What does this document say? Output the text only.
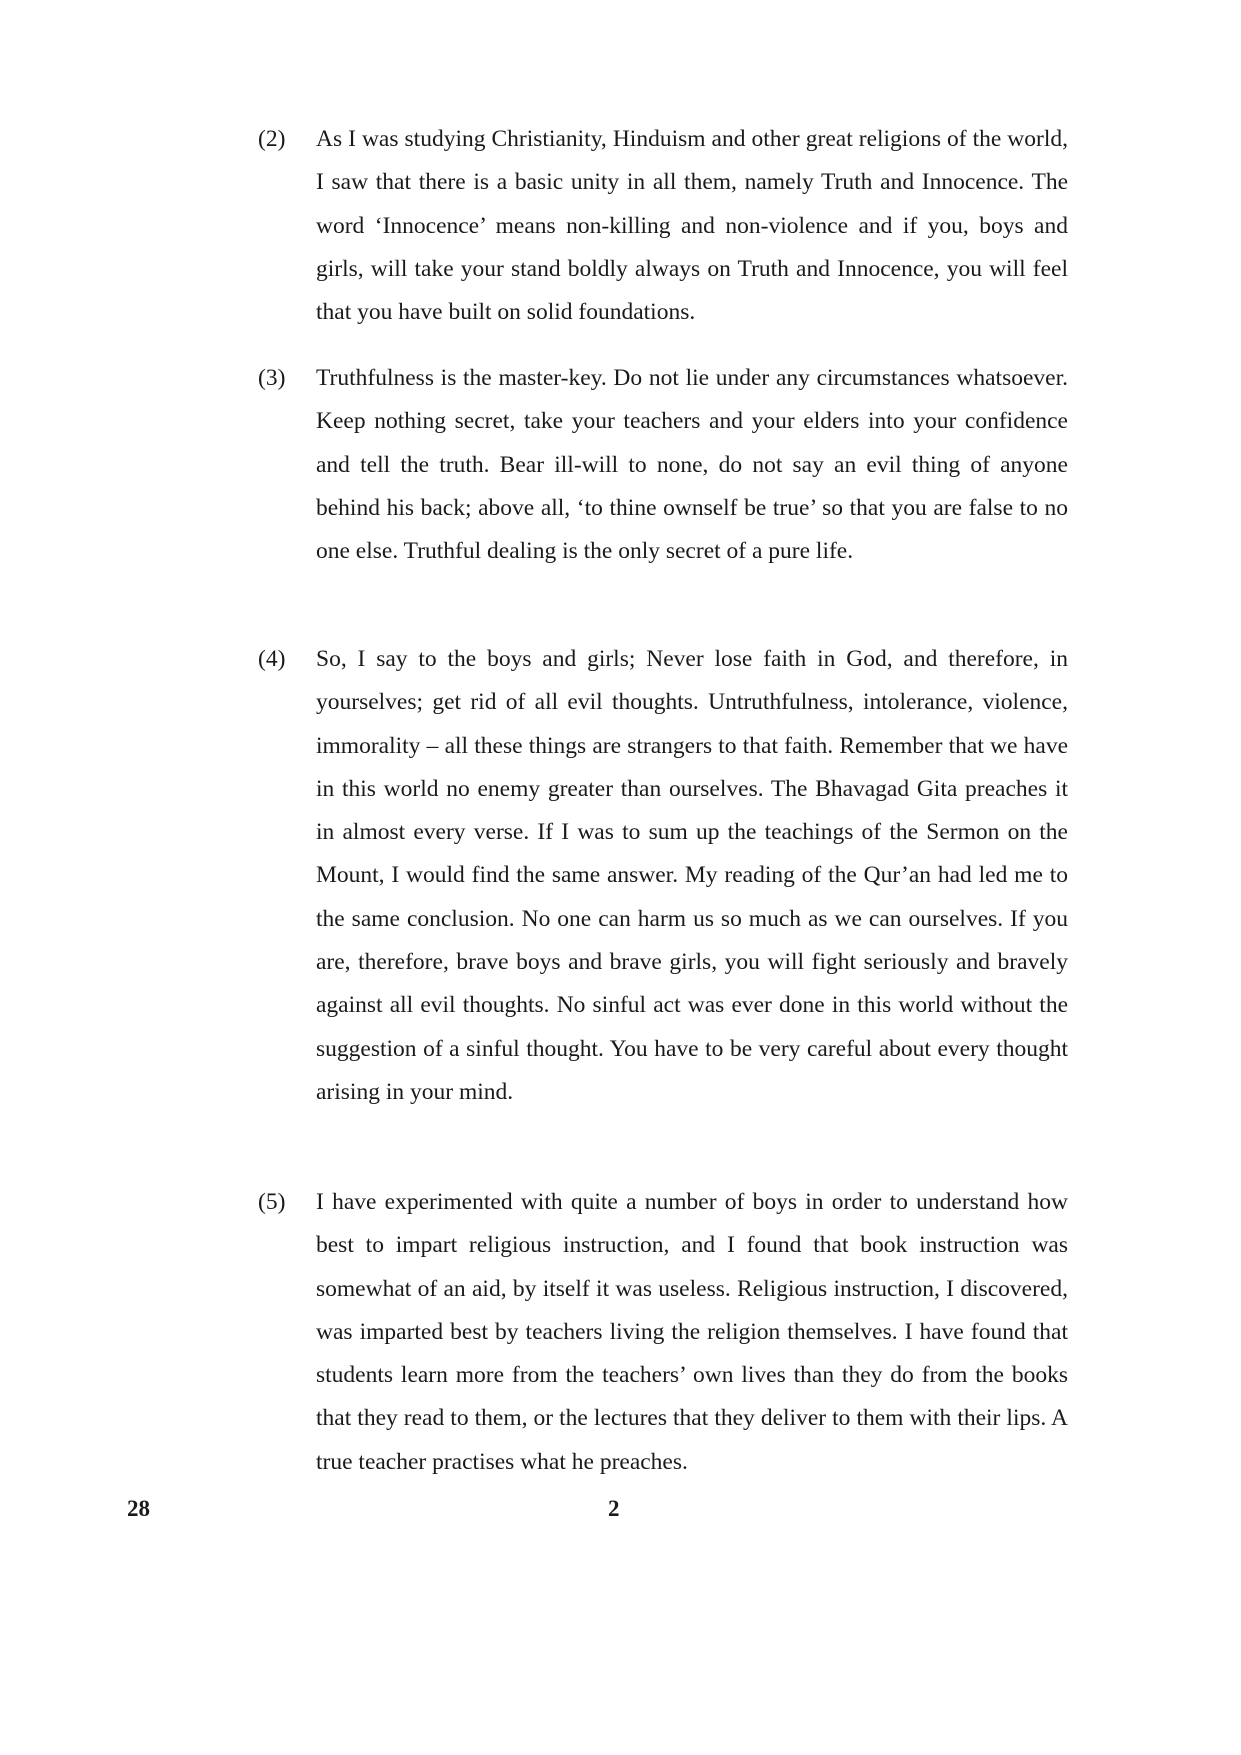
(2) As I was studying Christianity, Hinduism and other great religions of the world, I saw that there is a basic unity in all them, namely Truth and Innocence. The word ‘Innocence’ means non-killing and non-violence and if you, boys and girls, will take your stand boldly always on Truth and Innocence, you will feel that you have built on solid foundations.

(3) Truthfulness is the master-key. Do not lie under any circumstances whatsoever. Keep nothing secret, take your teachers and your elders into your confidence and tell the truth. Bear ill-will to none, do not say an evil thing of anyone behind his back; above all, ‘to thine ownself be true’ so that you are false to no one else. Truthful dealing is the only secret of a pure life.

(4) So, I say to the boys and girls; Never lose faith in God, and therefore, in yourselves; get rid of all evil thoughts. Untruthfulness, intolerance, violence, immorality – all these things are strangers to that faith. Remember that we have in this world no enemy greater than ourselves. The Bhavagad Gita preaches it in almost every verse. If I was to sum up the teachings of the Sermon on the Mount, I would find the same answer. My reading of the Qur’an had led me to the same conclusion. No one can harm us so much as we can ourselves. If you are, therefore, brave boys and brave girls, you will fight seriously and bravely against all evil thoughts. No sinful act was ever done in this world without the suggestion of a sinful thought. You have to be very careful about every thought arising in your mind.

(5) I have experimented with quite a number of boys in order to understand how best to impart religious instruction, and I found that book instruction was somewhat of an aid, by itself it was useless. Religious instruction, I discovered, was imparted best by teachers living the religion themselves. I have found that students learn more from the teachers’ own lives than they do from the books that they read to them, or the lectures that they deliver to them with their lips. A true teacher practises what he preaches.

28	2
